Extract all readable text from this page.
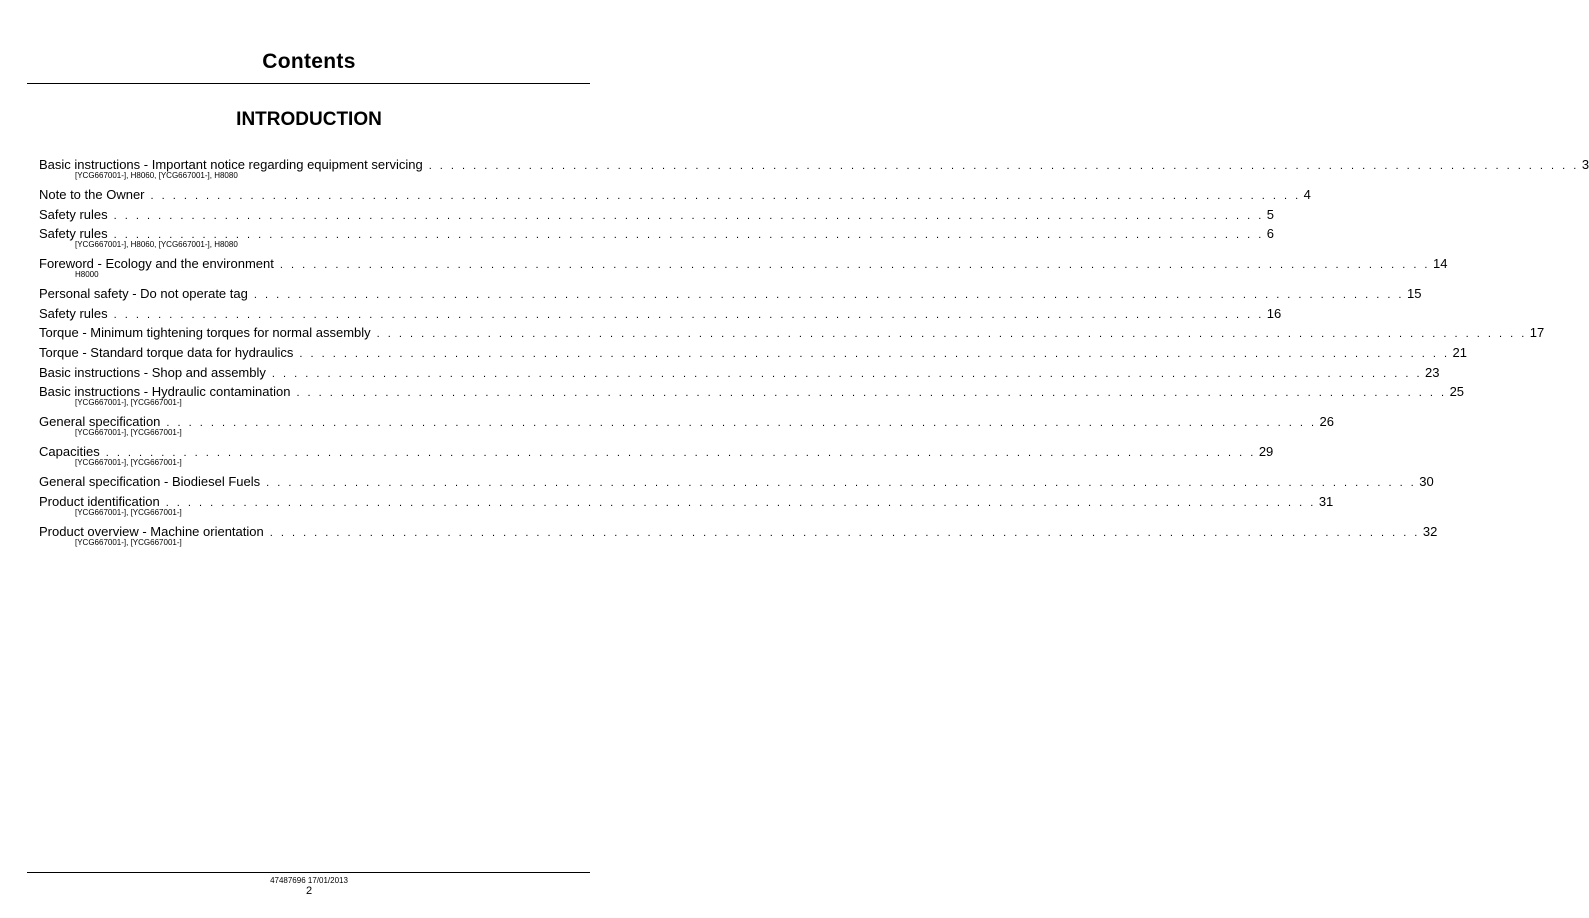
Contents
INTRODUCTION
Basic instructions - Important notice regarding equipment servicing . . . . . . . . . . . . . . . . . . . . . . . . . . . . . . . . . . . . . . . . . . . . . . . . . . . . . . . . . . . . . . . . . . . . . . . . . . . . . . . . . . . . . . . . . . . . . . . . . . . . . . . . 3
[YCG667001-], H8060, [YCG667001-], H8080
Note to the Owner . . . . . . . . . . . . . . . . . . . . . . . . . . . . . . . . . . . . . . . . . . . . . . . . . . . . . . . . . . . . . . . . . . . . . . . . . . . . . . . . . . . . . . . . . . . . . . . . . . . . . . . . 4
Safety rules . . . . . . . . . . . . . . . . . . . . . . . . . . . . . . . . . . . . . . . . . . . . . . . . . . . . . . . . . . . . . . . . . . . . . . . . . . . . . . . . . . . . . . . . . . . . . . . . . . . . . . . . 5
Safety rules . . . . . . . . . . . . . . . . . . . . . . . . . . . . . . . . . . . . . . . . . . . . . . . . . . . . . . . . . . . . . . . . . . . . . . . . . . . . . . . . . . . . . . . . . . . . . . . . . . . . . . . . 6
[YCG667001-], H8060, [YCG667001-], H8080
Foreword - Ecology and the environment . . . . . . . . . . . . . . . . . . . . . . . . . . . . . . . . . . . . . . . . . . . . . . . . . . . . . . . . . . . . . . . . . . . . . . . . . . . . . . . . . . . . . . . . . . . . . . . . . . . . . . . . 14
H8000
Personal safety - Do not operate tag . . . . . . . . . . . . . . . . . . . . . . . . . . . . . . . . . . . . . . . . . . . . . . . . . . . . . . . . . . . . . . . . . . . . . . . . . . . . . . . . . . . . . . . . . . . . . . . . . . . . . . . . 15
Safety rules . . . . . . . . . . . . . . . . . . . . . . . . . . . . . . . . . . . . . . . . . . . . . . . . . . . . . . . . . . . . . . . . . . . . . . . . . . . . . . . . . . . . . . . . . . . . . . . . . . . . . . . . 16
Torque - Minimum tightening torques for normal assembly . . . . . . . . . . . . . . . . . . . . . . . . . . . . . . . . . . . . . . . . . . . . . . . . . . . . . . . . . . . . . . . . . . . . . . . . . . . . . . . . . . . . . . . . . . . . . . . . . . . . . . . . 17
Torque - Standard torque data for hydraulics . . . . . . . . . . . . . . . . . . . . . . . . . . . . . . . . . . . . . . . . . . . . . . . . . . . . . . . . . . . . . . . . . . . . . . . . . . . . . . . . . . . . . . . . . . . . . . . . . . . . . . . . 21
Basic instructions - Shop and assembly . . . . . . . . . . . . . . . . . . . . . . . . . . . . . . . . . . . . . . . . . . . . . . . . . . . . . . . . . . . . . . . . . . . . . . . . . . . . . . . . . . . . . . . . . . . . . . . . . . . . . . . . 23
Basic instructions - Hydraulic contamination . . . . . . . . . . . . . . . . . . . . . . . . . . . . . . . . . . . . . . . . . . . . . . . . . . . . . . . . . . . . . . . . . . . . . . . . . . . . . . . . . . . . . . . . . . . . . . . . . . . . . . . . 25
[YCG667001-], [YCG667001-]
General specification . . . . . . . . . . . . . . . . . . . . . . . . . . . . . . . . . . . . . . . . . . . . . . . . . . . . . . . . . . . . . . . . . . . . . . . . . . . . . . . . . . . . . . . . . . . . . . . . . . . . . . . . 26
[YCG667001-], [YCG667001-]
Capacities . . . . . . . . . . . . . . . . . . . . . . . . . . . . . . . . . . . . . . . . . . . . . . . . . . . . . . . . . . . . . . . . . . . . . . . . . . . . . . . . . . . . . . . . . . . . . . . . . . . . . . . . 29
[YCG667001-], [YCG667001-]
General specification - Biodiesel Fuels . . . . . . . . . . . . . . . . . . . . . . . . . . . . . . . . . . . . . . . . . . . . . . . . . . . . . . . . . . . . . . . . . . . . . . . . . . . . . . . . . . . . . . . . . . . . . . . . . . . . . . . . 30
Product identification . . . . . . . . . . . . . . . . . . . . . . . . . . . . . . . . . . . . . . . . . . . . . . . . . . . . . . . . . . . . . . . . . . . . . . . . . . . . . . . . . . . . . . . . . . . . . . . . . . . . . . . . 31
[YCG667001-], [YCG667001-]
Product overview - Machine orientation . . . . . . . . . . . . . . . . . . . . . . . . . . . . . . . . . . . . . . . . . . . . . . . . . . . . . . . . . . . . . . . . . . . . . . . . . . . . . . . . . . . . . . . . . . . . . . . . . . . . . . . . 32
[YCG667001-], [YCG667001-]
47487696 17/01/2013
2
